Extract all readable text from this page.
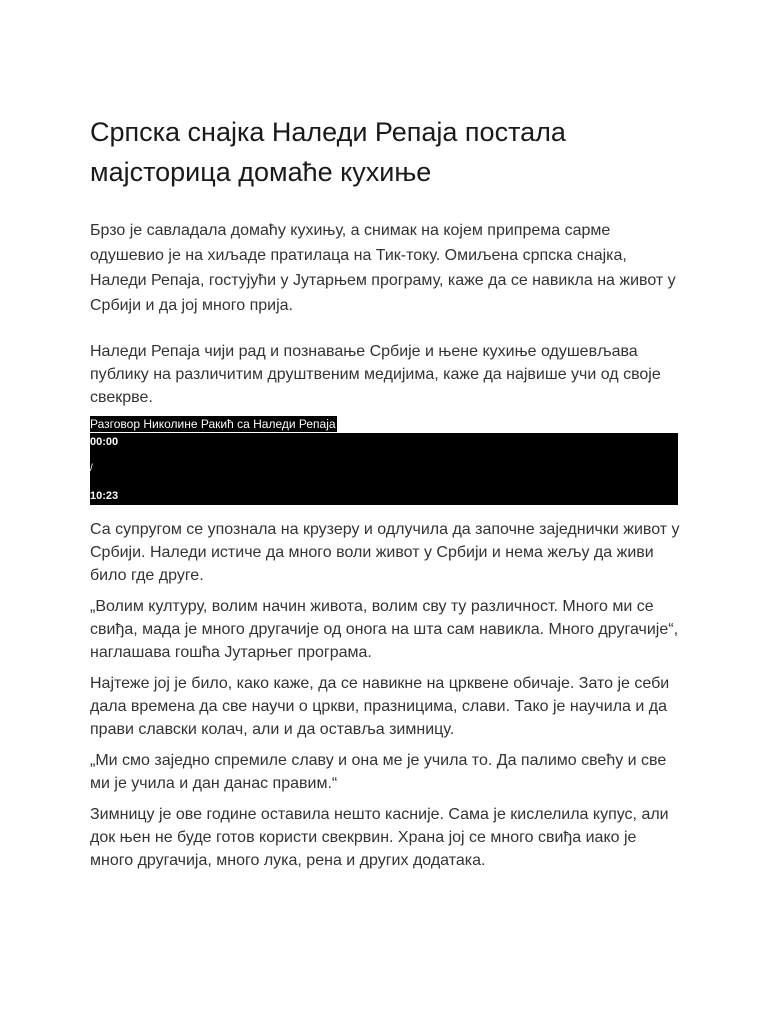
Српска снајка Наледи Репаја постала мајсторица домаће кухиње

Брзо је савладала домаћу кухињу, а снимак на којем припрема сарме одушевио је на хиљаде пратилаца на Тик-току. Омиљена српска снајка, Наледи Репаја, гостујући у Јутарњем програму, каже да се навикла на живот у Србији и да јој много прија.

Наледи Репаја чији рад и познавање Србије и њене кухиње одушевљава публику на различитим друштвеним медијима, каже да највише учи од своје свекрве.

Разговор Николине Ракић са Наледи Репаја
00:00
/
10:23

Са супругом се упознала на крузеру и одлучила да започне заједнички живот у Србији. Наледи истиче да много воли живот у Србији и нема жељу да живи било где друге.

„Волим културу, волим начин живота, волим сву ту различност. Много ми се свиђа, мада је много другачије од онога на шта сам навикла. Много другачије“, наглашава гошћа Јутарњег програма.

Најтеже јој је било, како каже, да се навикне на црквене обичаје. Зато је себи дала времена да све научи о цркви, празницима, слави. Тако је научила и да прави славски колач, али и да оставља зимницу.

„Ми смо заједно спремиле славу и она ме је учила то. Да палимо свећу и све ми је учила и дан данас правим.“

Зимницу је ове године оставила нешто касније. Сама је кислелила купус, али док њен не буде готов користи свекрвин. Храна јој се много свиђа иако је много другачија, много лука, рена и других додатака.
